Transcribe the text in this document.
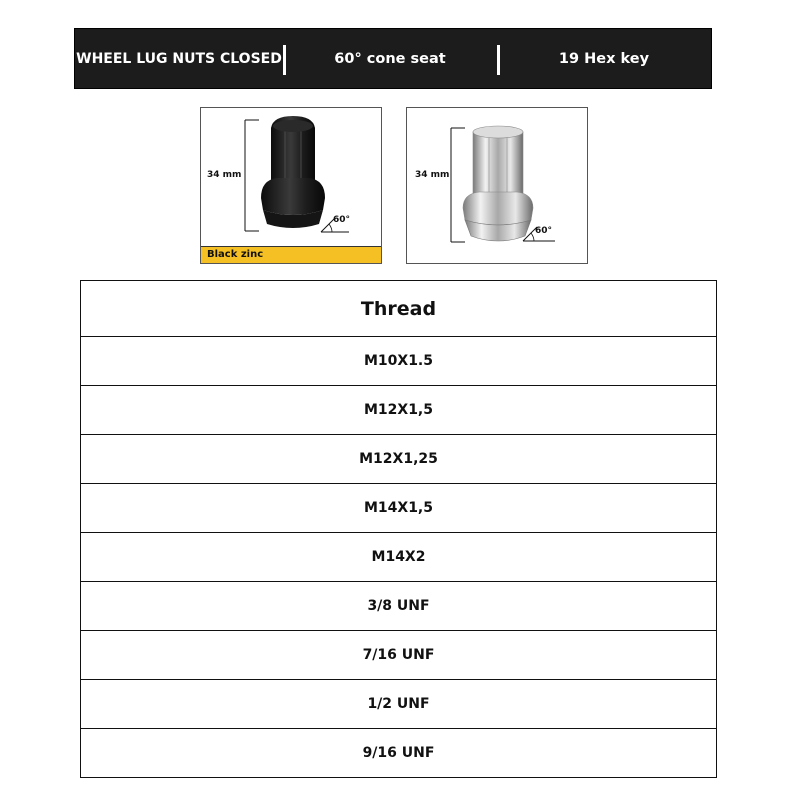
WHEEL LUG NUTS CLOSED	60° cone seat	19 Hex key
34 mm
60°
Black zinc
34 mm
60°
Thread
M10X1.5
M12X1,5
M12X1,25
M14X1,5
M14X2
3/8 UNF
7/16 UNF
1/2 UNF
9/16 UNF
